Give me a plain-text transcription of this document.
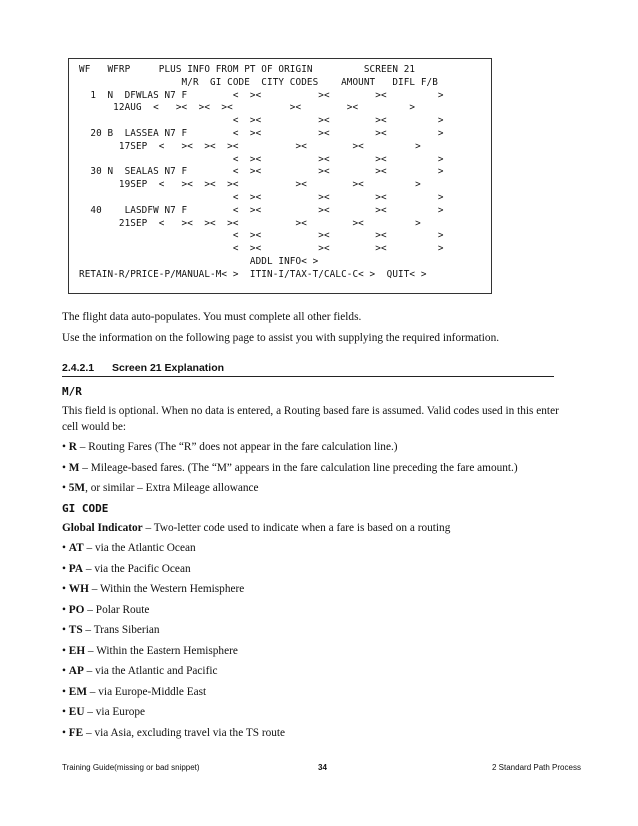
WF   WFRP     PLUS INFO FROM PT OF ORIGIN         SCREEN 21
M/R  GI CODE  CITY CODES    AMOUNT   DIFL F/B
1  N  DFWLAS N7 F        <  ><          ><        ><         >
12AUG  <   ><  ><  ><          ><        ><         >
<  ><          ><        ><         >
20 B  LASSEA N7 F        <  ><          ><        ><         >
17SEP  <   ><  ><  ><          ><        ><         >
<  ><          ><        ><         >
30 N  SEALAS N7 F        <  ><          ><        ><         >
19SEP  <   ><  ><  ><          ><        ><         >
<  ><          ><        ><         >
40    LASDFW N7 F        <  ><          ><        ><         >
21SEP  <   ><  ><  ><          ><        ><         >
<  ><          ><        ><         >
<  ><          ><        ><         >
ADDL INFO< >
RETAIN-R/PRICE-P/MANUAL-M< >  ITIN-I/TAX-T/CALC-C< >  QUIT< >

The flight data auto-populates. You must complete all other fields.

Use the information on the following page to assist you with supplying the required information.

2.4.2.1 Screen 21 Explanation
M/R

This field is optional. When no data is entered, a Routing based fare is assumed. Valid codes used in this enter cell would be:

• R – Routing Fares (The “R” does not appear in the fare calculation line.)

• M – Mileage-based fares. (The “M” appears in the fare calculation line preceding the fare amount.)

• 5M, or similar – Extra Mileage allowance

GI CODE

Global Indicator – Two-letter code used to indicate when a fare is based on a routing

• AT – via the Atlantic Ocean

• PA – via the Pacific Ocean

• WH – Within the Western Hemisphere

• PO – Polar Route

• TS – Trans Siberian

• EH – Within the Eastern Hemisphere

• AP – via the Atlantic and Pacific

• EM – via Europe-Middle East

• EU – via Europe

• FE – via Asia, excluding travel via the TS route

Training Guide(missing or bad snippet)	34	2 Standard Path Process
